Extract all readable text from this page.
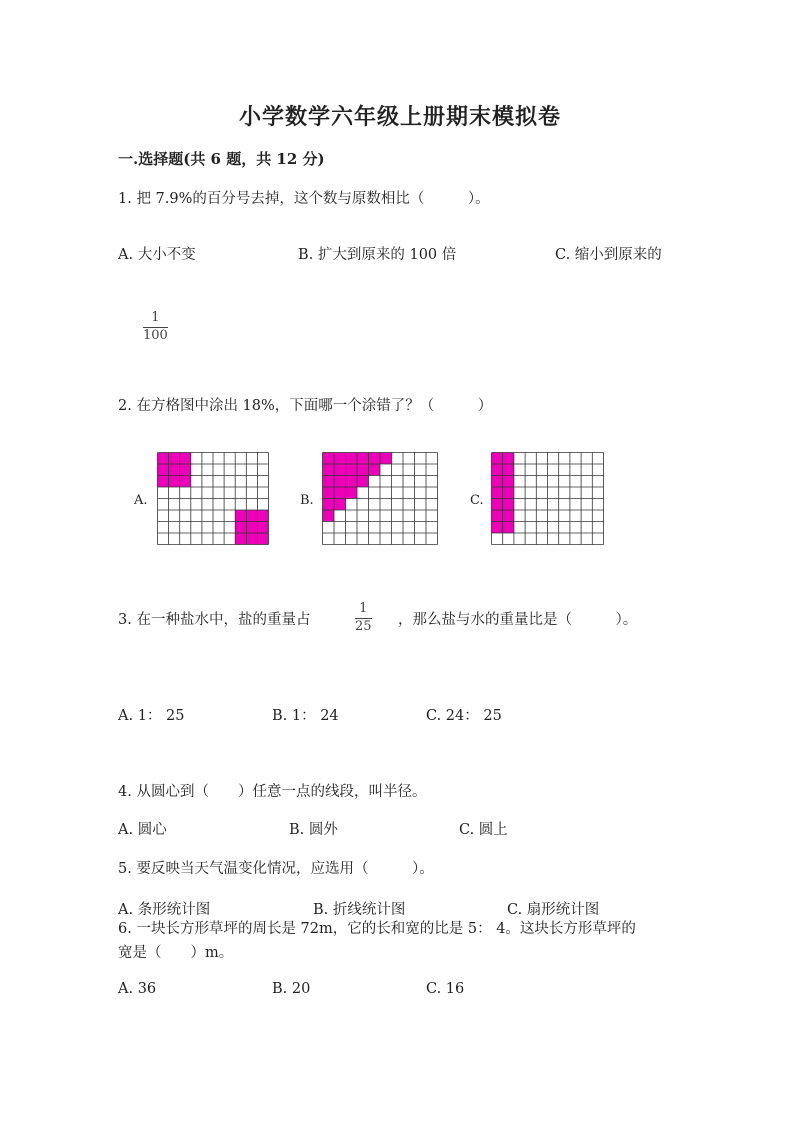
小学数学六年级上册期末模拟卷
一.选择题(共 6 题，共 12 分)
1. 把 7.9%的百分号去掉，这个数与原数相比（　　　）。
A. 大小不变	B. 扩大到原来的 100 倍	C. 缩小到原来的
1
100
2. 在方格图中涂出 18%，下面哪一个涂错了？（　　　）
A.	B.	C.
3. 在一种盐水中，盐的重量占
1
25 ，那么盐与水的重量比是（　　　）。
A. 1： 25	B. 1： 24	C. 24： 25
4. 从圆心到（　　）任意一点的线段，叫半径。
A. 圆心	B. 圆外	C. 圆上
5. 要反映当天气温变化情况，应选用（　　　）。
A. 条形统计图	B. 折线统计图	C. 扇形统计图
6. 一块长方形草坪的周长是 72m，它的长和宽的比是 5： 4。这块长方形草坪的
宽是（　　）m。
A. 36	B. 20	C. 16
